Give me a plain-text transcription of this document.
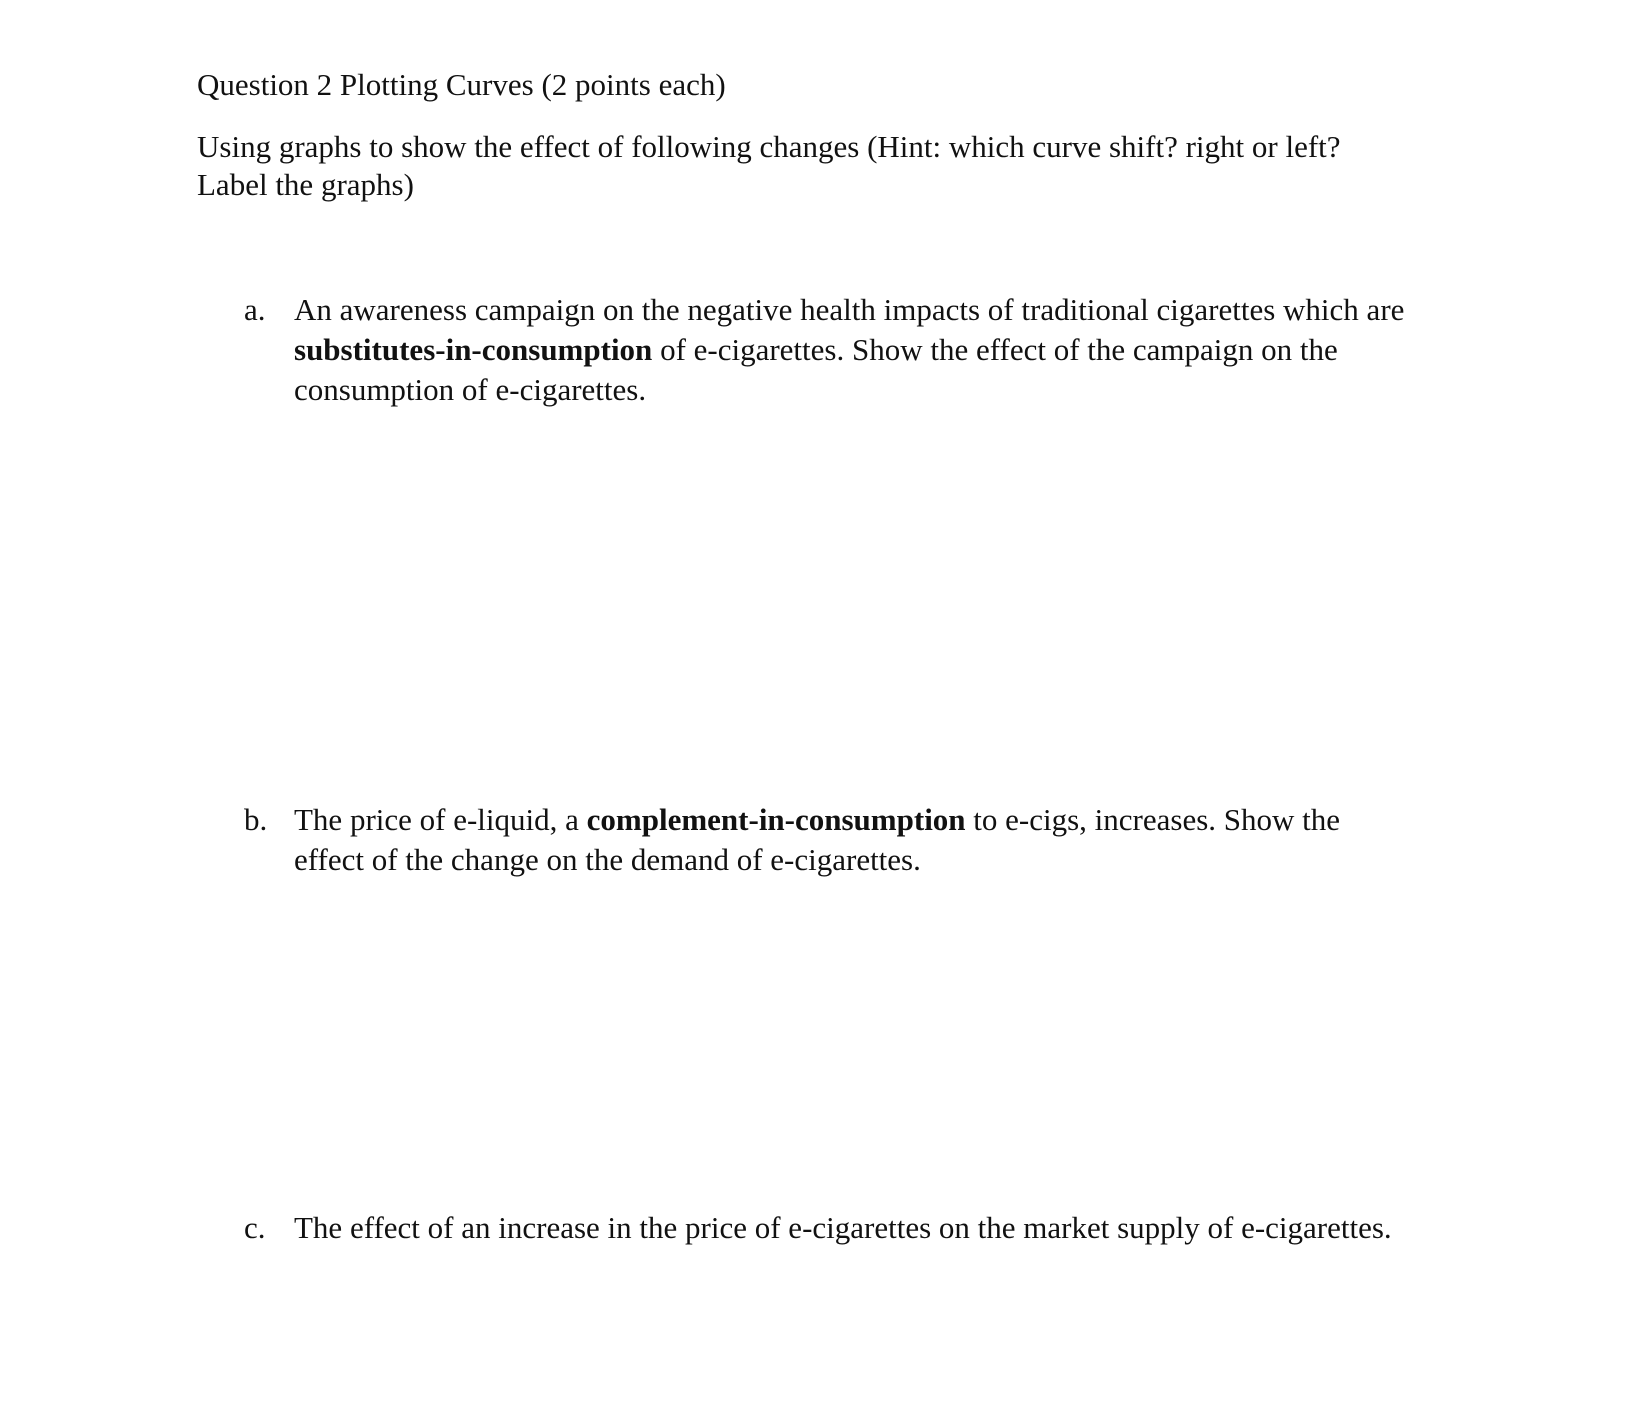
Question 2 Plotting Curves (2 points each)
Using graphs to show the effect of following changes (Hint: which curve shift? right or left?
Label the graphs)
a. An awareness campaign on the negative health impacts of traditional cigarettes which are
substitutes-in-consumption of e-cigarettes. Show the effect of the campaign on the
consumption of e-cigarettes.
b. The price of e-liquid, a complement-in-consumption to e-cigs, increases. Show the
effect of the change on the demand of e-cigarettes.
c. The effect of an increase in the price of e-cigarettes on the market supply of e-cigarettes.
